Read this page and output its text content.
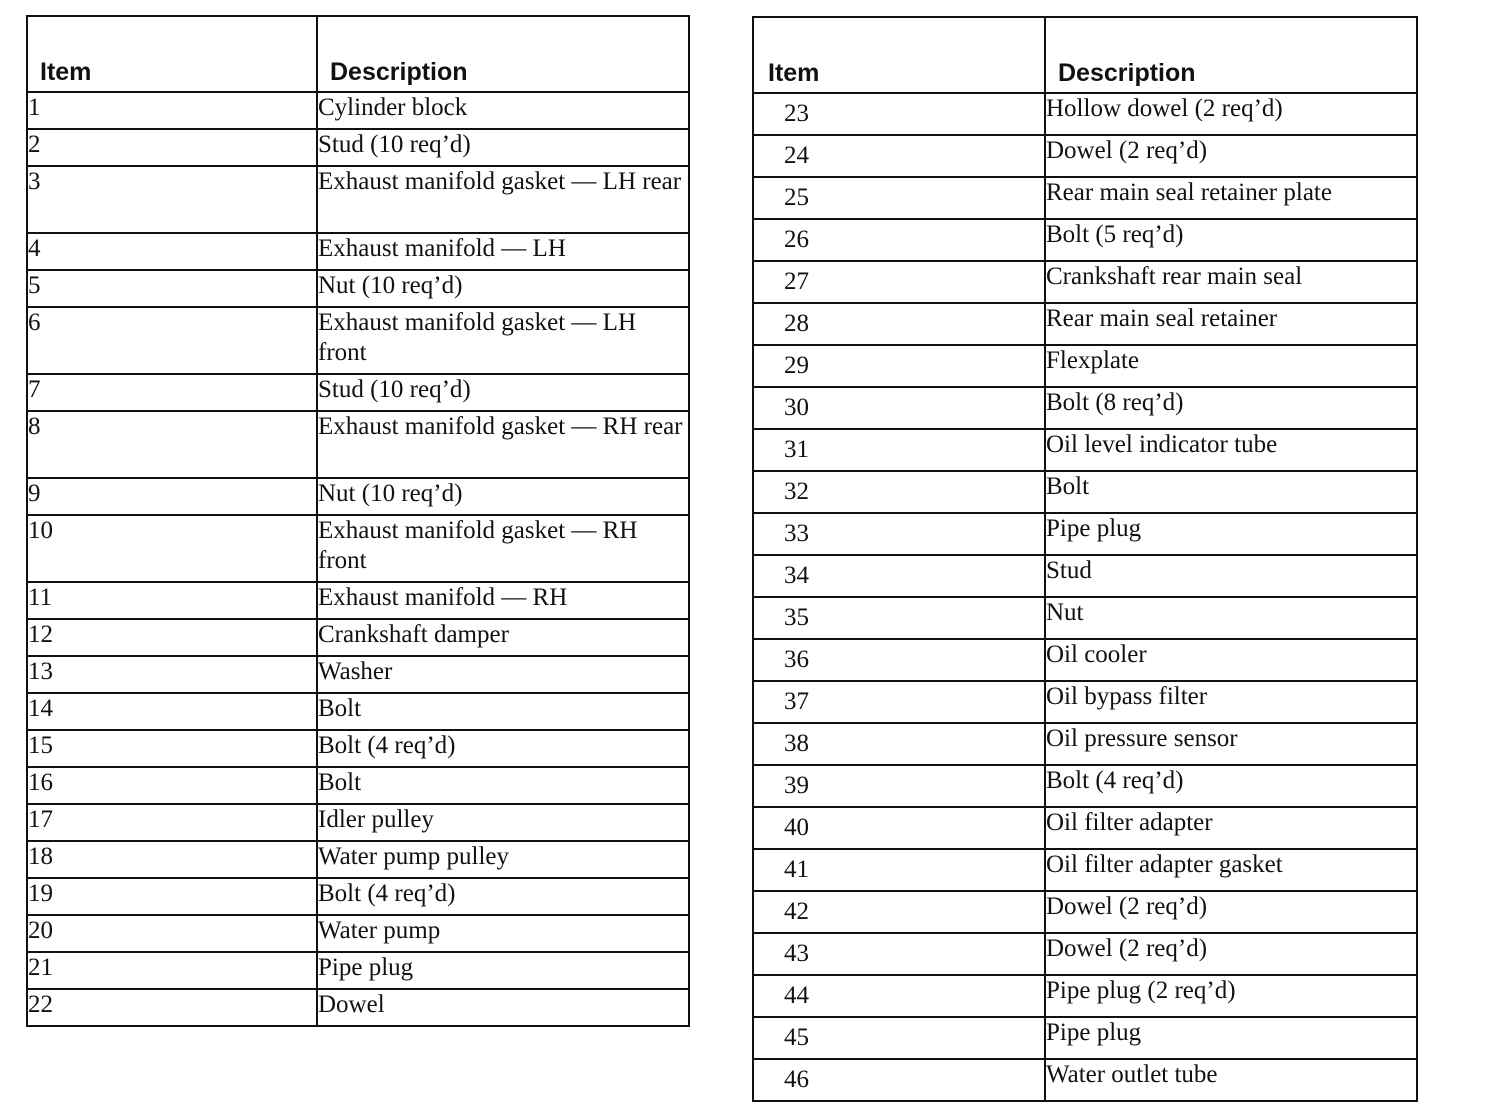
Item	Description
1	Cylinder block
2	Stud (10 req’d)
3	Exhaust manifold gasket — LH rear
4	Exhaust manifold — LH
5	Nut (10 req’d)
6	Exhaust manifold gasket — LH front
7	Stud (10 req’d)
8	Exhaust manifold gasket — RH rear
9	Nut (10 req’d)
10	Exhaust manifold gasket — RH front
11	Exhaust manifold — RH
12	Crankshaft damper
13	Washer
14	Bolt
15	Bolt (4 req’d)
16	Bolt
17	Idler pulley
18	Water pump pulley
19	Bolt (4 req’d)
20	Water pump
21	Pipe plug
22	Dowel
Item	Description
23	Hollow dowel (2 req’d)
24	Dowel (2 req’d)
25	Rear main seal retainer plate
26	Bolt (5 req’d)
27	Crankshaft rear main seal
28	Rear main seal retainer
29	Flexplate
30	Bolt (8 req’d)
31	Oil level indicator tube
32	Bolt
33	Pipe plug
34	Stud
35	Nut
36	Oil cooler
37	Oil bypass filter
38	Oil pressure sensor
39	Bolt (4 req’d)
40	Oil filter adapter
41	Oil filter adapter gasket
42	Dowel (2 req’d)
43	Dowel (2 req’d)
44	Pipe plug (2 req’d)
45	Pipe plug
46	Water outlet tube
